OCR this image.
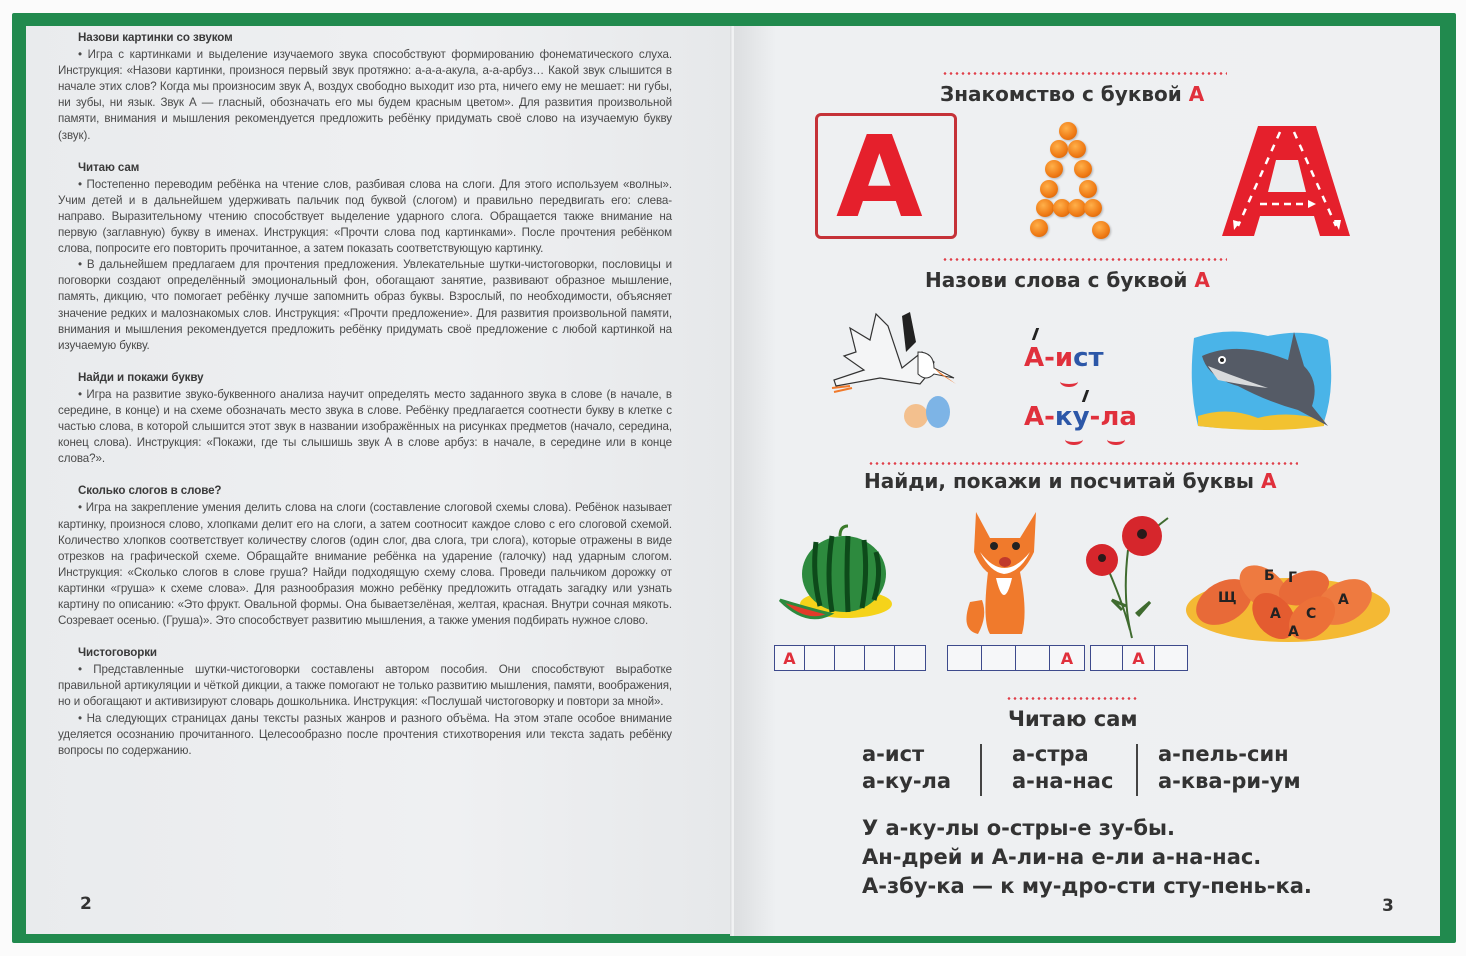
Назови картинки со звуком

• Игра с картинками и выделение изучаемого звука способствуют формированию фонематического слуха. Инструкция: «Назови картинки, произнося первый звук протяжно: а-а-а-акула, а-а-арбуз… Какой звук слышится в начале этих слов? Когда мы произносим звук А, воздух свободно выходит изо рта, ничего ему не мешает: ни губы, ни зубы, ни язык. Звук А — гласный, обозначать его мы будем красным цветом». Для развития произвольной памяти, внимания и мышления рекомендуется предложить ребёнку придумать своё слово на изучаемую букву (звук).

Читаю сам

• Постепенно переводим ребёнка на чтение слов, разбивая слова на слоги. Для этого используем «волны». Учим детей и в дальнейшем удерживать пальчик под буквой (слогом) и правильно передвигать его: слева-направо. Выразительному чтению способствует выделение ударного слога. Обращается также внимание на первую (заглавную) букву в именах. Инструкция: «Прочти слова под картинками». После прочтения ребёнком слова, попросите его повторить прочитанное, а затем показать соответствующую картинку.

• В дальнейшем предлагаем для прочтения предложения. Увлекательные шутки-чистоговорки, пословицы и поговорки создают определённый эмоциональный фон, обогащают занятие, развивают образное мышление, память, дикцию, что помогает ребёнку лучше запомнить образ буквы. Взрослый, по необходимости, объясняет значение редких и малознакомых слов. Инструкция: «Прочти предложение». Для развития произвольной памяти, внимания и мышления рекомендуется предложить ребёнку придумать своё предложение с любой картинкой на изучаемую букву.

Найди и покажи букву

• Игра на развитие звуко-буквенного анализа научит определять место заданного звука в слове (в начале, в середине, в конце) и на схеме обозначать место звука в слове. Ребёнку предлагается соотнести букву в клетке с частью слова, в которой слышится этот звук в названии изображённых на рисунках предметов (начало, середина, конец слова). Инструкция: «Покажи, где ты слышишь звук А в слове арбуз: в начале, в середине или в конце слова?».

Сколько слогов в слове?

• Игра на закрепление умения делить слова на слоги (составление слоговой схемы слова). Ребёнок называет картинку, произнося слово, хлопками делит его на слоги, а затем соотносит каждое слово с его слоговой схемой. Количество хлопков соответствует количеству слогов (один слог, два слога, три слога), которые отражены в виде отрезков на графической схеме. Обращайте внимание ребёнка на ударение (галочку) над ударным слогом. Инструкция: «Сколько слогов в слове груша? Найди подходящую схему слова. Проведи пальчиком дорожку от картинки «груша» к схеме слова». Для разнообразия можно ребёнку предложить отгадать загадку или узнать картину по описанию: «Это фрукт. Овальной формы. Она бываетзелёная, желтая, красная. Внутри сочная мякоть. Созревает осенью. (Груша)». Это способствует развитию мышления, а также умения подбирать нужное слово.

Чистоговорки

• Представленные шутки-чистоговорки составлены автором пособия. Они способствуют выработке правильной артикуляции и чёткой дикции, а также помогают не только развитию мышления, памяти, воображения, но и обогащают и активизируют словарь дошкольника. Инструкция: «Послушай чистоговорку и повтори за мной».

• На следующих страницах даны тексты разных жанров и разного объёма. На этом этапе особое внимание уделяется осознанию прочитанного. Целесообразно после прочтения стихотворения или текста задать ребёнку вопросы по содержанию.

2
Знакомство с буквой А
А
Назови слова с буквой А
А-ист
А-ку-ла
Найди, покажи и посчитай буквы А
Щ
Б Г
А С
А
А
А	А	А
Читаю сам
а-ист
а-ку-ла
а-стра
а-на-нас
а-пель-син
а-ква-ри-ум
У а-ку-лы о-стры-е зу-бы.
Ан-дрей и А-ли-на е-ли а-на-нас.
А-збу-ка — к му-дро-сти сту-пень-ка.
3
